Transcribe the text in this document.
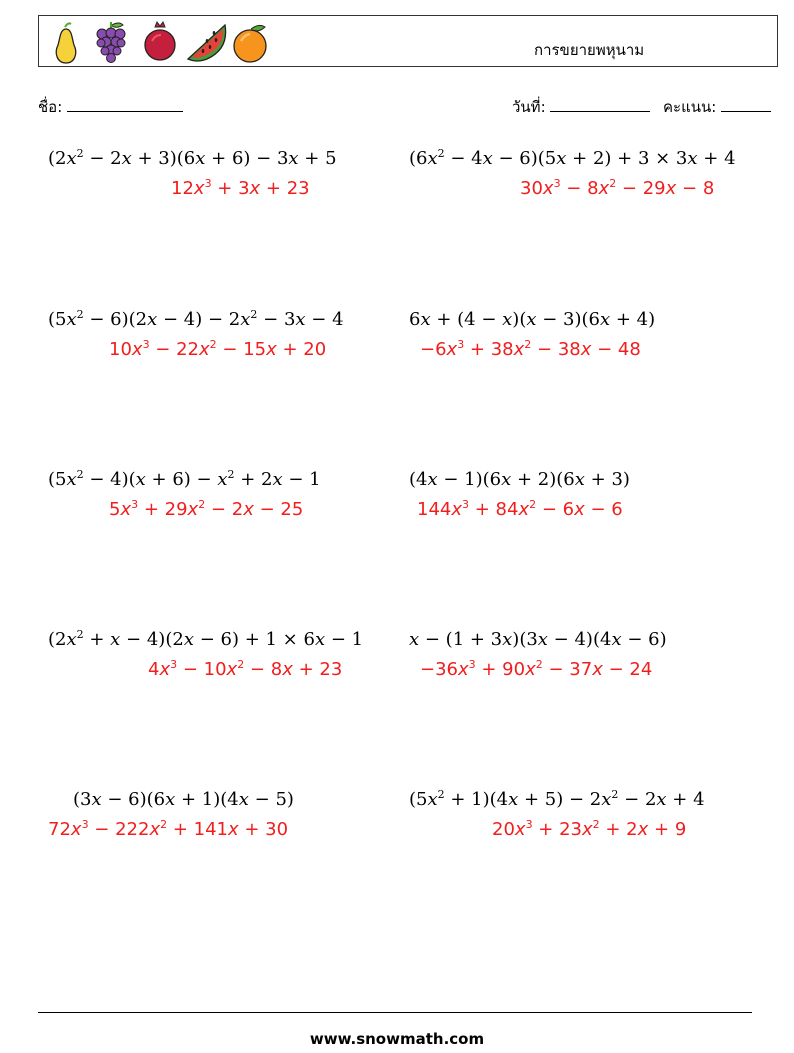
การขยายพหุนาม
ชื่อ:	วันที่:	คะแนน:
$(2x^2 - 2x + 3)(6x + 6) - 3x + 5$
$12x^3 + 3x + 23$
$(6x^2 - 4x - 6)(5x + 2) + 3 \times 3x + 4$
$30x^3 - 8x^2 - 29x - 8$
$(5x^2 - 6)(2x - 4) - 2x^2 - 3x - 4$
$10x^3 - 22x^2 - 15x + 20$
6x + (4 − x)(x − 3)(6x + 4)
$-6x^3 + 38x^2 - 38x - 48$
$(5x^2 - 4)(x + 6) - x^2 + 2x - 1$
$5x^3 + 29x^2 - 2x - 25$
(4x − 1)(6x + 2)(6x + 3)
$144x^3 + 84x^2 - 6x - 6$
$(2x^2 + x - 4)(2x - 6) + 1 \times 6x - 1$
$4x^3 - 10x^2 - 8x + 23$
x − (1 + 3x)(3x − 4)(4x − 6)
$-36x^3 + 90x^2 - 37x - 24$
(3x − 6)(6x + 1)(4x − 5)
$72x^3 - 222x^2 + 141x + 30$
$(5x^2 + 1)(4x + 5) - 2x^2 - 2x + 4$
$20x^3 + 23x^2 + 2x + 9$
www.snowmath.com
